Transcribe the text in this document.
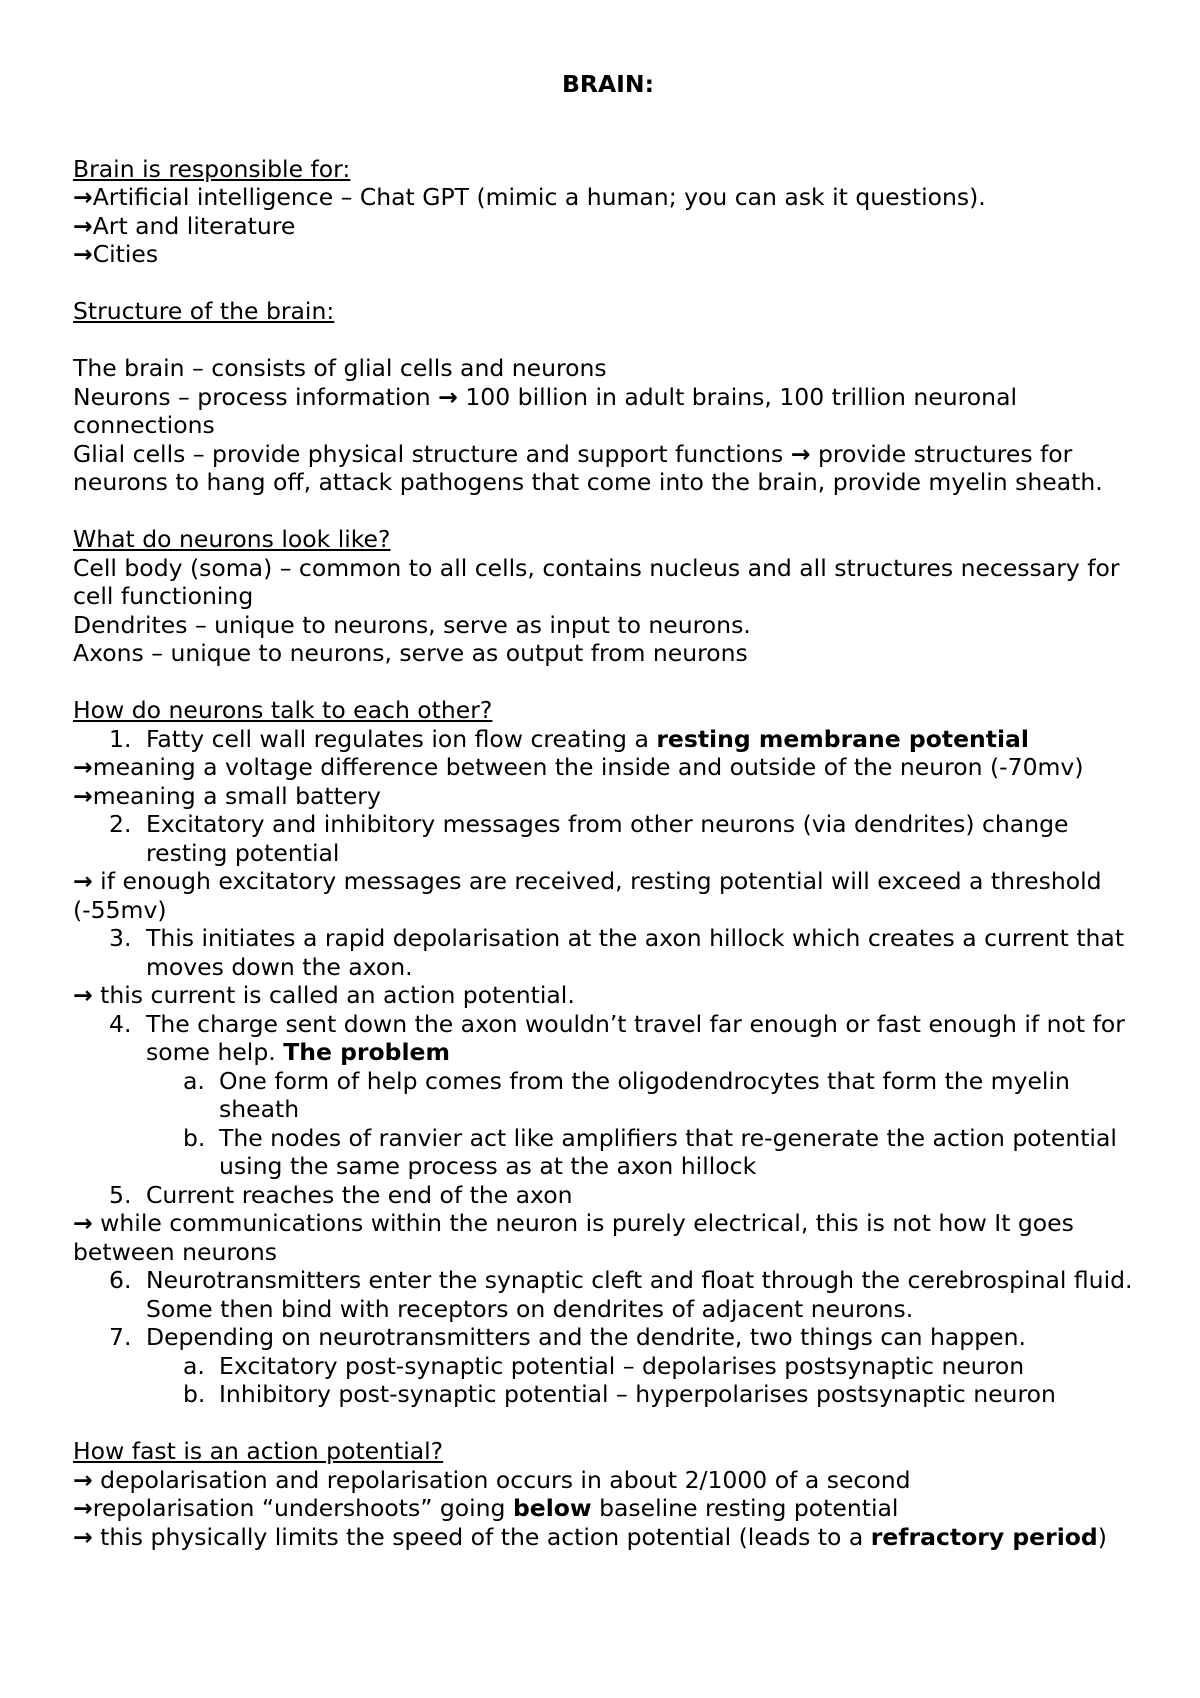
BRAIN:

Brain is responsible for:

→Artificial intelligence – Chat GPT (mimic a human; you can ask it questions).

→Art and literature

→Cities

Structure of the brain:

The brain – consists of glial cells and neurons

Neurons – process information → 100 billion in adult brains, 100 trillion neuronal connections

Glial cells – provide physical structure and support functions → provide structures for neurons to hang off, attack pathogens that come into the brain, provide myelin sheath.

What do neurons look like?

Cell body (soma) – common to all cells, contains nucleus and all structures necessary for cell functioning

Dendrites – unique to neurons, serve as input to neurons.

Axons – unique to neurons, serve as output from neurons

How do neurons talk to each other?

1. Fatty cell wall regulates ion flow creating a resting membrane potential

→meaning a voltage difference between the inside and outside of the neuron (-70mv)

→meaning a small battery

2. Excitatory and inhibitory messages from other neurons (via dendrites) change resting potential

→ if enough excitatory messages are received, resting potential will exceed a threshold (-55mv)

3. This initiates a rapid depolarisation at the axon hillock which creates a current that moves down the axon.

→ this current is called an action potential.

4. The charge sent down the axon wouldn’t travel far enough or fast enough if not for some help. The problem
a. One form of help comes from the oligodendrocytes that form the myelin sheath
b. The nodes of ranvier act like amplifiers that re-generate the action potential using the same process as at the axon hillock
5. Current reaches the end of the axon

→ while communications within the neuron is purely electrical, this is not how It goes between neurons

6. Neurotransmitters enter the synaptic cleft and float through the cerebrospinal fluid. Some then bind with receptors on dendrites of adjacent neurons.
7. Depending on neurotransmitters and the dendrite, two things can happen.
a. Excitatory post-synaptic potential – depolarises postsynaptic neuron
b. Inhibitory post-synaptic potential – hyperpolarises postsynaptic neuron

How fast is an action potential?

→ depolarisation and repolarisation occurs in about 2/1000 of a second

→repolarisation “undershoots” going below baseline resting potential

→ this physically limits the speed of the action potential (leads to a refractory period)
